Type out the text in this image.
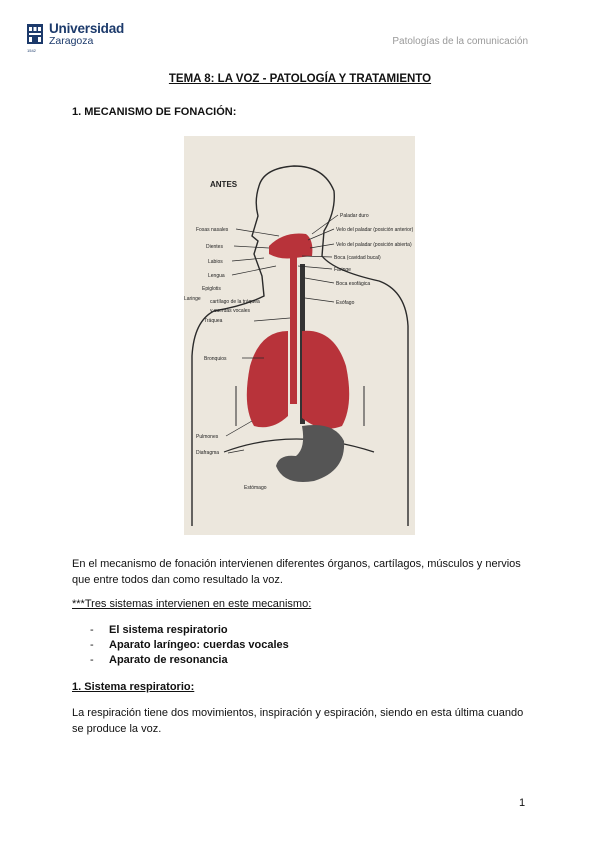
Universidad
Zaragoza
1542
Patologías de la comunicación
TEMA 8: LA VOZ - PATOLOGÍA Y TRATAMIENTO
1. MECANISMO DE FONACIÓN:
ANTES
Fosas nasales
Dientes
Labios
Lengua
Epiglotis
Laringe cartílago de la tráquea
y cuerdas vocales
Tráquea
Bronquios
Pulmones
Diafragma
Estómago
Paladar duro
Velo del paladar (posición anterior)
Velo del paladar (posición abierta)
Boca (cavidad bucal)
Faringe
Boca esofágica
Esófago
En el mecanismo de fonación intervienen diferentes órganos, cartílagos, músculos y nervios que entre todos dan como resultado la voz.
***Tres sistemas intervienen en este mecanismo:
- El sistema respiratorio
- Aparato laríngeo: cuerdas vocales
- Aparato de resonancia
1. Sistema respiratorio:
La respiración tiene dos movimientos, inspiración y espiración, siendo en esta última cuando se produce la voz.
1
